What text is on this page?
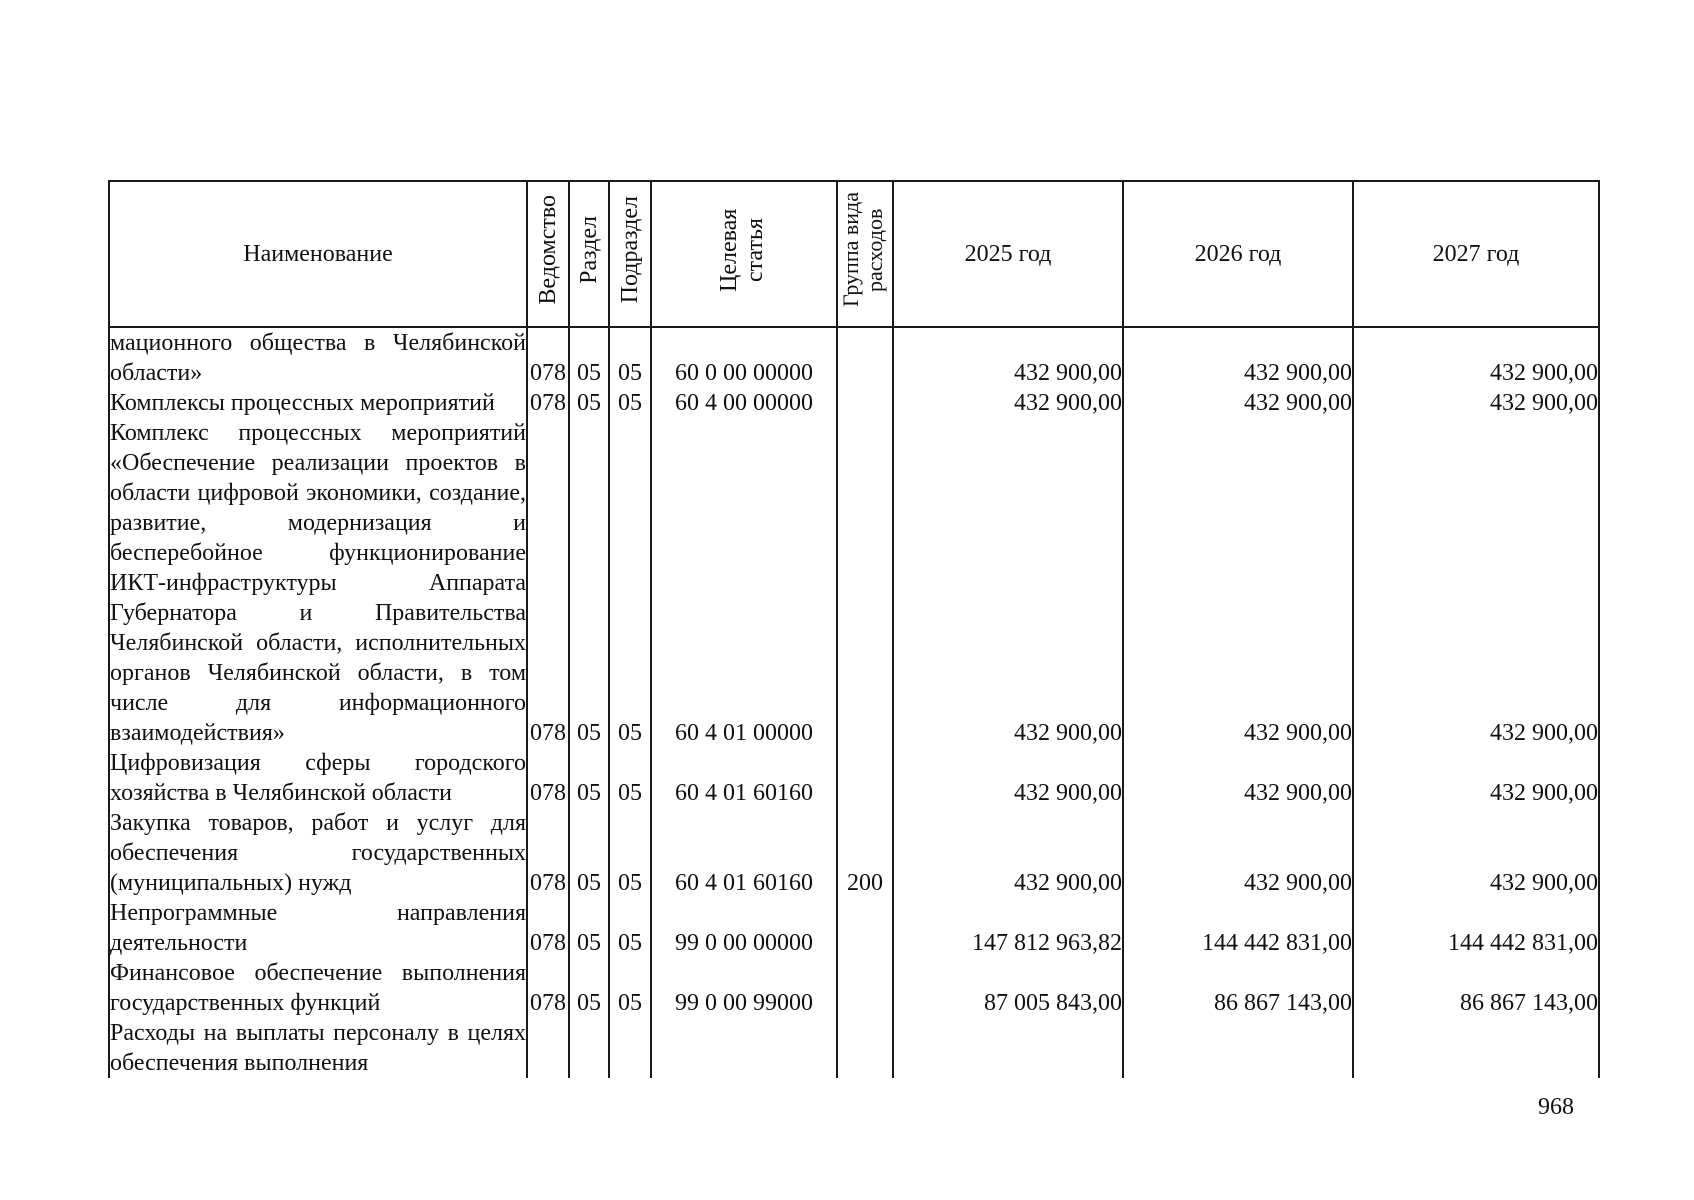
Наименование	Ведомство	Раздел	Подраздел	Целевая статья	Группа вида расходов	2025 год	2026 год	2027 год
мационного общества в Челябинской области»	078	05	05	60 0 00 00000		432 900,00	432 900,00	432 900,00
Комплексы процессных мероприятий	078	05	05	60 4 00 00000		432 900,00	432 900,00	432 900,00
Комплекс процессных мероприятий «Обеспечение реализации проектов в области цифровой экономики, создание, развитие, модернизация и бесперебойное функционирование ИКТ-инфраструктуры Аппарата Губернатора и Правительства Челябинской области, исполнительных органов Челябинской области, в том числе для информационного взаимодействия»	078	05	05	60 4 01 00000		432 900,00	432 900,00	432 900,00
Цифровизация сферы городского хозяйства в Челябинской области	078	05	05	60 4 01 60160		432 900,00	432 900,00	432 900,00
Закупка товаров, работ и услуг для обеспечения государственных (муниципальных) нужд	078	05	05	60 4 01 60160	200	432 900,00	432 900,00	432 900,00
Непрограммные направления деятельности	078	05	05	99 0 00 00000		147 812 963,82	144 442 831,00	144 442 831,00
Финансовое обеспечение выполнения государственных функций	078	05	05	99 0 00 99000		87 005 843,00	86 867 143,00	86 867 143,00
Расходы на выплаты персоналу в целях обеспечения выполнения								
968
